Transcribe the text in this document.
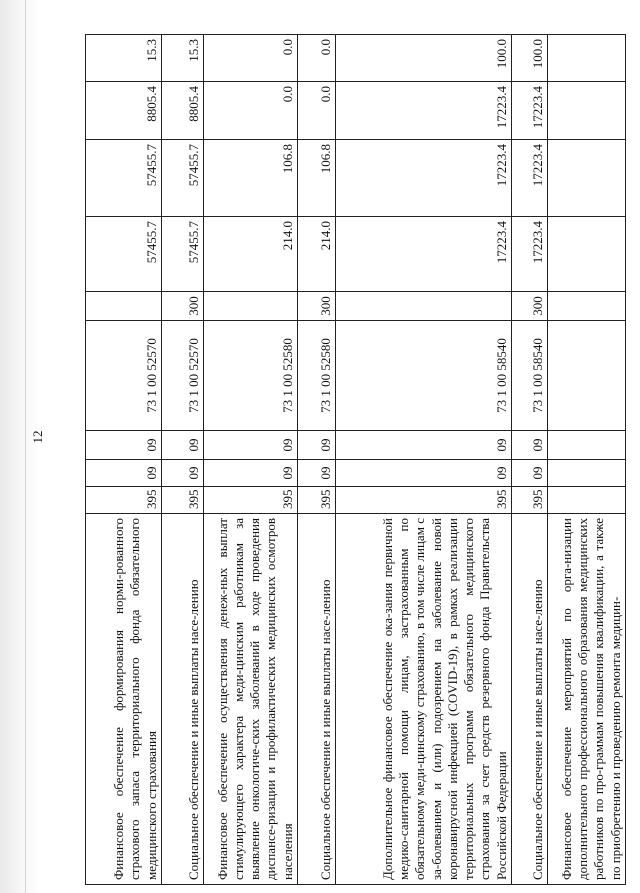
12
Финансовое обеспечение формирования норми-рованного страхового запаса территориального фонда обязательного медицинского страхования	395	09	09	73 1 00 52570		57455.7	57455.7	8805.4	15.3
Социальное обеспечение и иные выплаты насе-лению	395	09	09	73 1 00 52570	300	57455.7	57455.7	8805.4	15.3
Финансовое обеспечение осуществления денеж-ных выплат стимулирующего характера меди-цинским работникам за выявление онкологиче-ских заболеваний в ходе проведения диспансе-ризации и профилактических медицинских осмотров населения	395	09	09	73 1 00 52580		214.0	106.8	0.0	0.0
Социальное обеспечение и иные выплаты насе-лению	395	09	09	73 1 00 52580	300	214.0	106.8	0.0	0.0
Дополнительное финансовое обеспечение ока-зания первичной медико-санитарной помощи лицам, застрахованным по обязательному меди-цинскому страхованию, в том числе лицам с за-болеванием и (или) подозрением на заболевание новой коронавирусной инфекцией (COVID-19), в рамках реализации территориальных программ обязательного медицинского страхования за счет средств резервного фонда Правительства Российской Федерации	395	09	09	73 1 00 58540		17223.4	17223.4	17223.4	100.0
Социальное обеспечение и иные выплаты насе-лению	395	09	09	73 1 00 58540	300	17223.4	17223.4	17223.4	100.0
Финансовое обеспечение мероприятий по орга-низации дополнительного профессионального образования медицинских работников по про-граммам повышения квалификации, а также по приобретению и проведению ремонта медицин-									
